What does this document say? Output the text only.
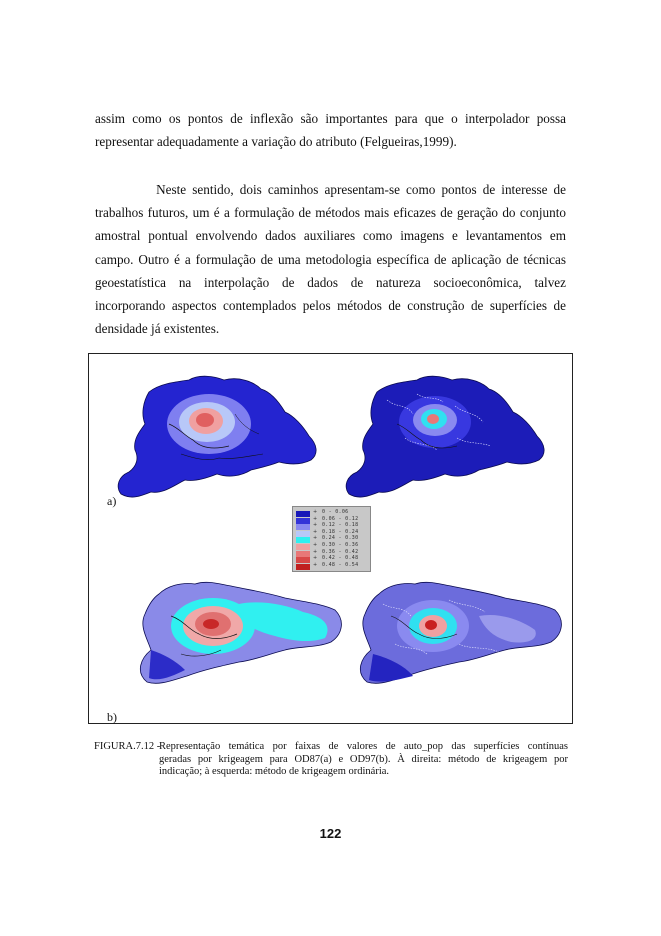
assim como os pontos de inflexão são importantes para que o interpolador possa
representar adequadamente a variação do atributo (Felgueiras,1999).
Neste sentido, dois caminhos apresentam-se como pontos de interesse de
trabalhos futuros, um é a formulação de métodos mais eficazes de geração do conjunto
amostral pontual envolvendo dados auxiliares como imagens e levantamentos em
campo. Outro é a formulação de uma metodologia específica de aplicação de técnicas
geoestatística na interpolação de dados de natureza socioeconômica, talvez
incorporando aspectos contemplados pelos métodos de construção de superfícies de
densidade já existentes.
a)
b)
+ 0 - 0.06
+ 0.06 - 0.12
+ 0.12 - 0.18
+ 0.18 - 0.24
+ 0.24 - 0.30
+ 0.30 - 0.36
+ 0.36 - 0.42
+ 0.42 - 0.48
+ 0.48 - 0.54
FIGURA.7.12 -
Representação temática por faixas de valores de auto_pop das superfícies contínuas
geradas por krigeagem para OD87(a) e OD97(b). À direita: método de krigeagem por
indicação; à esquerda: método de krigeagem ordinária.
122
